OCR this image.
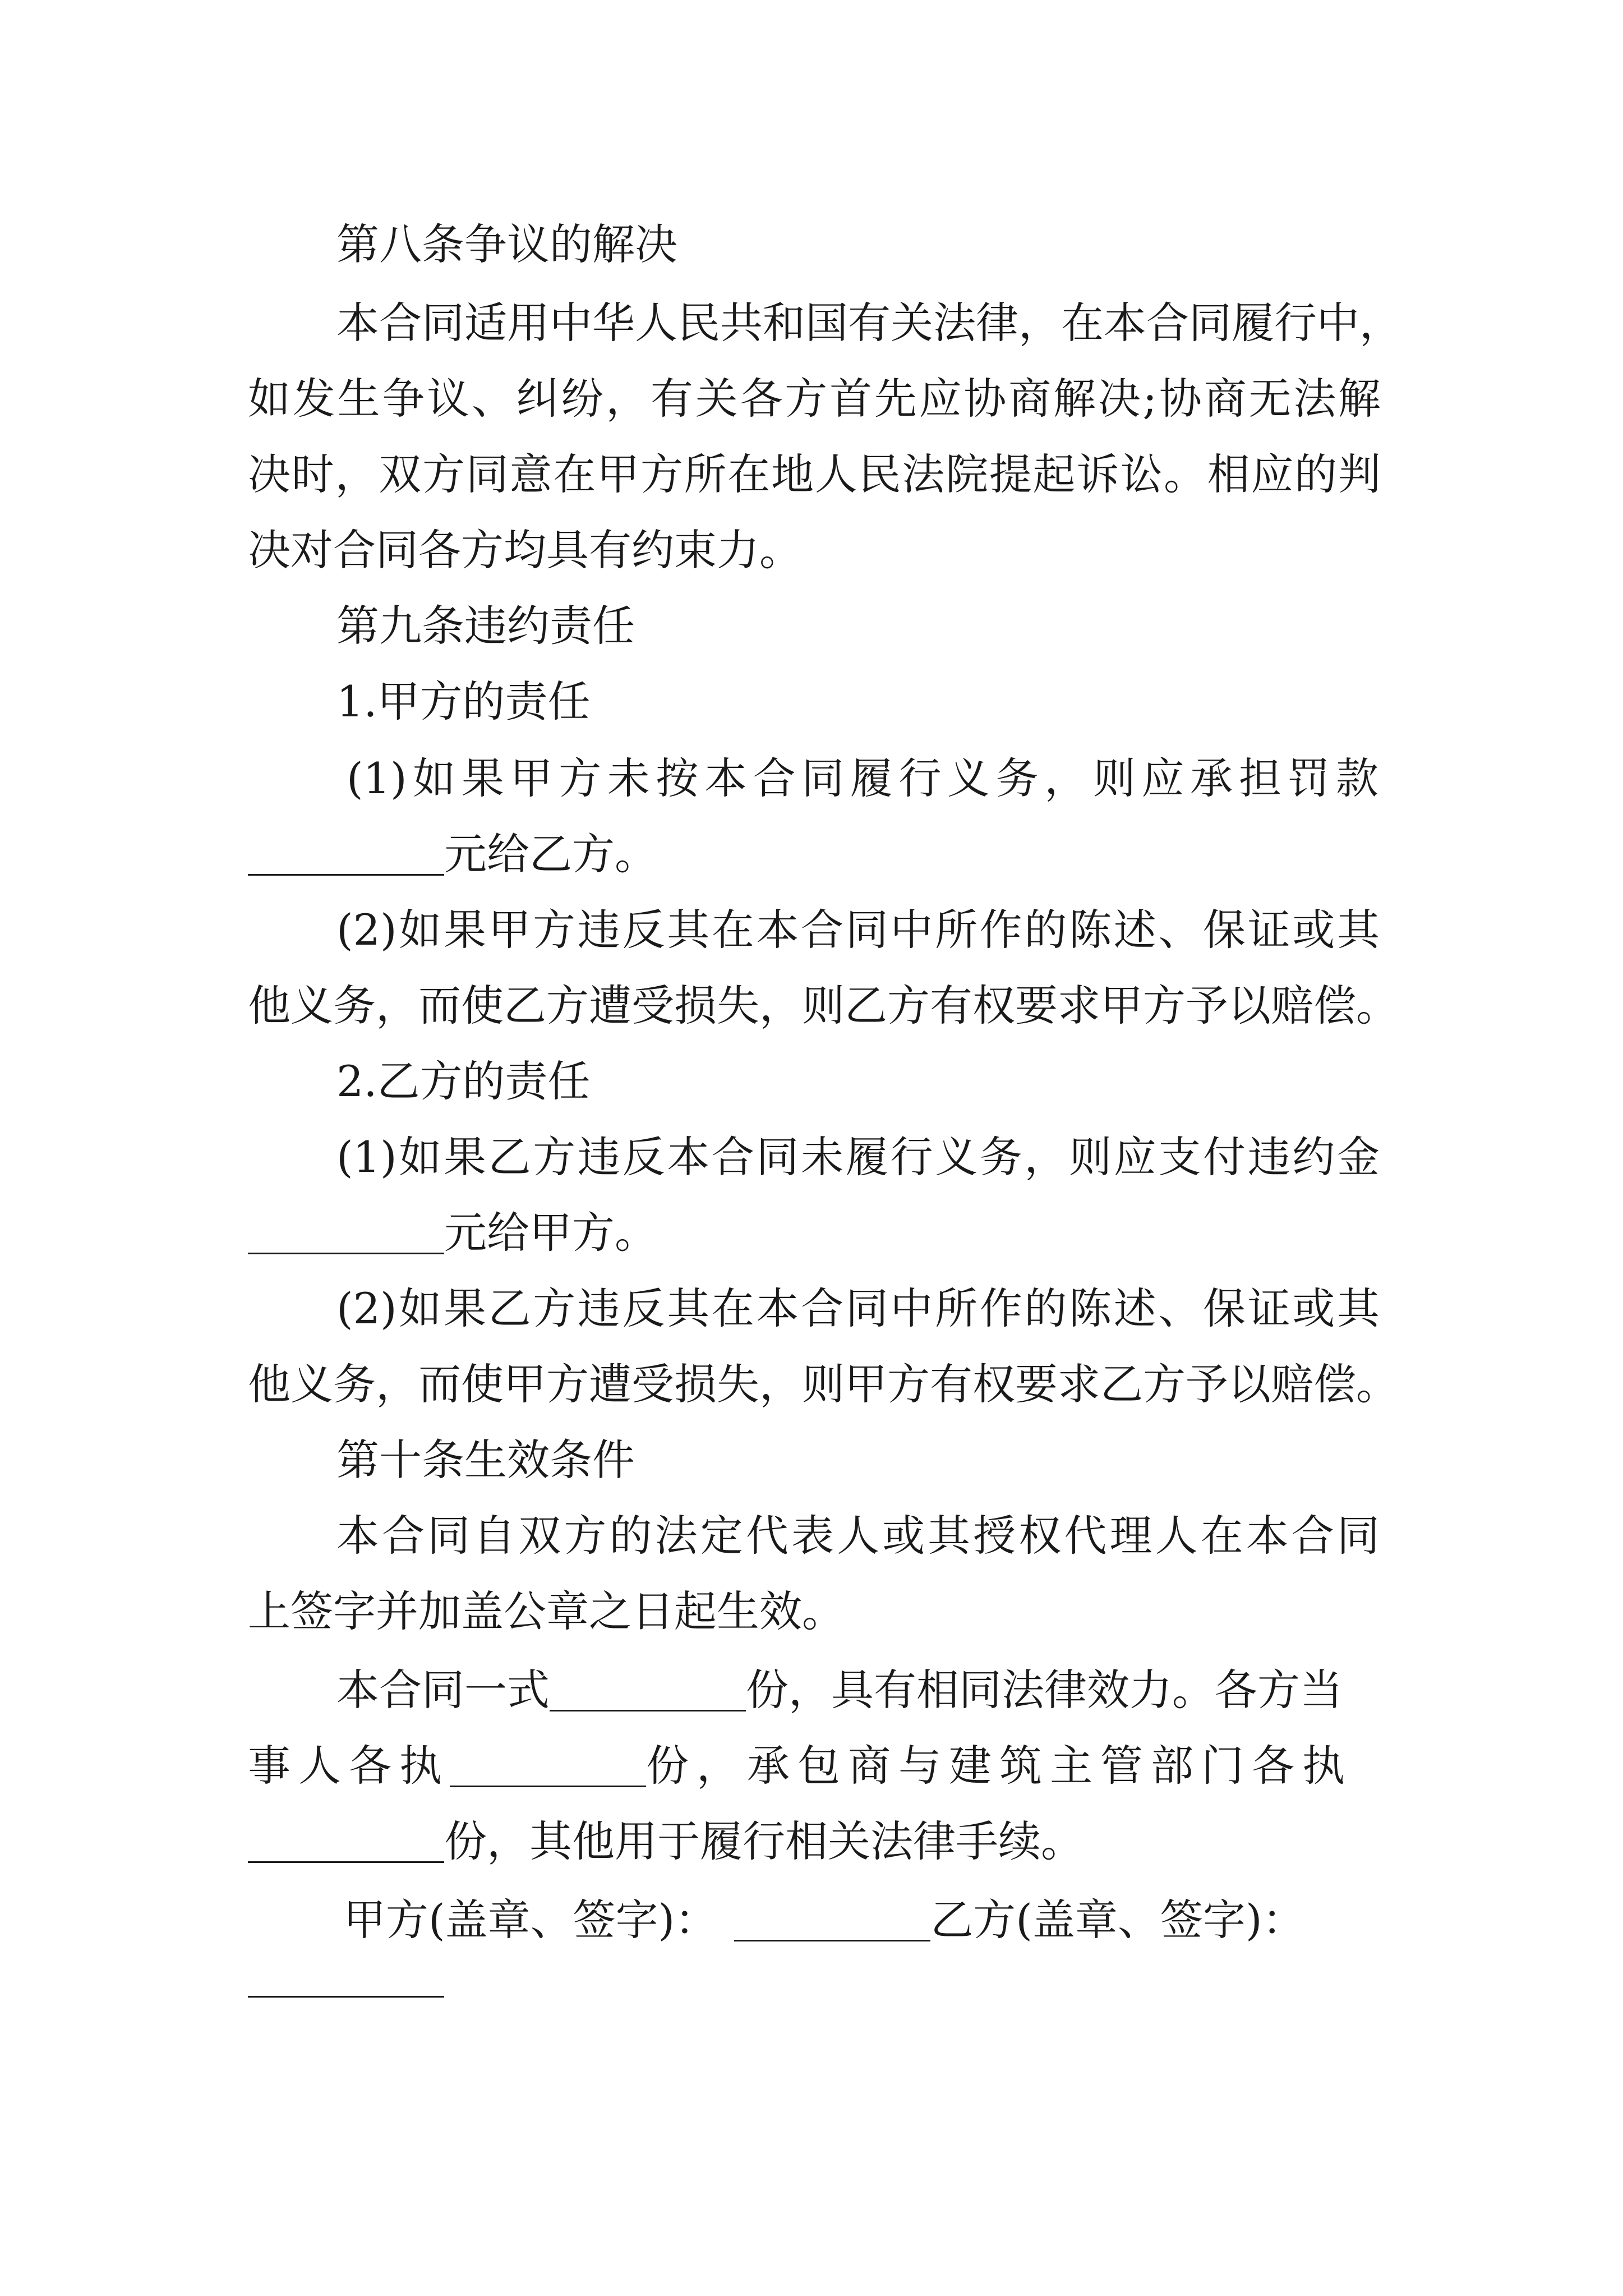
第八条争议的解决

本合同适用中华人民共和国有关法律，在本合同履行中，

如发生争议、纠纷，有关各方首先应协商解决;协商无法解

决时，双方同意在甲方所在地人民法院提起诉讼。相应的判

决对合同各方均具有约束力。

第九条违约责任

1.甲方的责任

(1)如果甲方未按本合同履行义务，则应承担罚款

元给乙方。

(2)如果甲方违反其在本合同中所作的陈述、保证或其

他义务，而使乙方遭受损失，则乙方有权要求甲方予以赔偿。

2.乙方的责任

(1)如果乙方违反本合同未履行义务，则应支付违约金

元给甲方。

(2)如果乙方违反其在本合同中所作的陈述、保证或其

他义务，而使甲方遭受损失，则甲方有权要求乙方予以赔偿。

第十条生效条件

本合同自双方的法定代表人或其授权代理人在本合同

上签字并加盖公章之日起生效。

本合同一式	份，具有相同法律效力。各方当

事人各执	份，承包商与建筑主管部门各执

份，其他用于履行相关法律手续。

甲方(盖章、签字)：	乙方(盖章、签字)：
